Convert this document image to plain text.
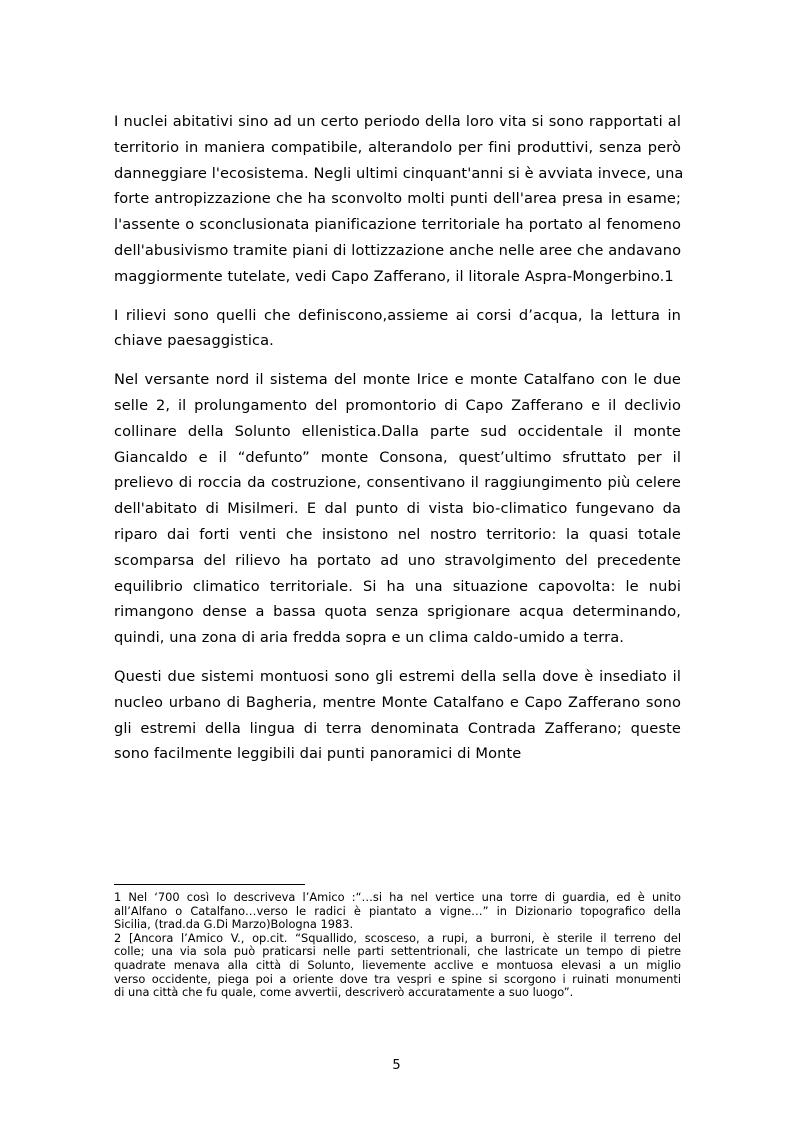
I nuclei abitativi sino ad un certo periodo della loro vita si sono rapportati al
territorio in maniera compatibile, alterandolo per fini produttivi, senza però
danneggiare l'ecosistema. Negli ultimi cinquant'anni si è avviata invece, una
forte antropizzazione che ha sconvolto molti punti dell'area presa in esame;
l'assente o sconclusionata pianificazione territoriale ha portato al fenomeno
dell'abusivismo tramite piani di lottizzazione anche nelle aree che andavano
maggiormente tutelate, vedi Capo Zafferano, il litorale Aspra-Mongerbino.1

I rilievi sono quelli che definiscono,assieme ai corsi d’acqua, la lettura in
chiave paesaggistica.

Nel versante nord il sistema del monte Irice e monte Catalfano con le due
selle 2, il prolungamento del promontorio di Capo Zafferano e il declivio
collinare della Solunto ellenistica.Dalla parte sud occidentale il monte
Giancaldo e il “defunto” monte Consona, quest’ultimo sfruttato per il
prelievo di roccia da costruzione, consentivano il raggiungimento più celere
dell'abitato di Misilmeri. E dal punto di vista bio-climatico fungevano da
riparo dai forti venti che insistono nel nostro territorio: la quasi totale
scomparsa del rilievo ha portato ad uno stravolgimento del precedente
equilibrio climatico territoriale. Si ha una situazione capovolta: le nubi
rimangono dense a bassa quota senza sprigionare acqua determinando,
quindi, una zona di aria fredda sopra e un clima caldo-umido a terra.

Questi due sistemi montuosi sono gli estremi della sella dove è insediato il
nucleo urbano di Bagheria, mentre Monte Catalfano e Capo Zafferano sono
gli estremi della lingua di terra denominata Contrada Zafferano; queste
sono facilmente leggibili dai punti panoramici di Monte

1 Nel ‘700 così lo descriveva l’Amico :“…si ha nel vertice una torre di guardia, ed è unito
all’Alfano o Catalfano…verso le radici è piantato a vigne…” in Dizionario topografico della
Sicilia, (trad.da G.Di Marzo)Bologna 1983.

2 [Ancora l’Amico V., op.cit. “Squallido, scosceso, a rupi, a burroni, è sterile il terreno del
colle; una via sola può praticarsi nelle parti settentrionali, che lastricate un tempo di pietre
quadrate menava alla città di Solunto, lievemente acclive e montuosa elevasi a un miglio
verso occidente, piega poi a oriente dove tra vespri e spine si scorgono i ruinati monumenti
di una città che fu quale, come avvertii, descriverò accuratamente a suo luogo”.

5
